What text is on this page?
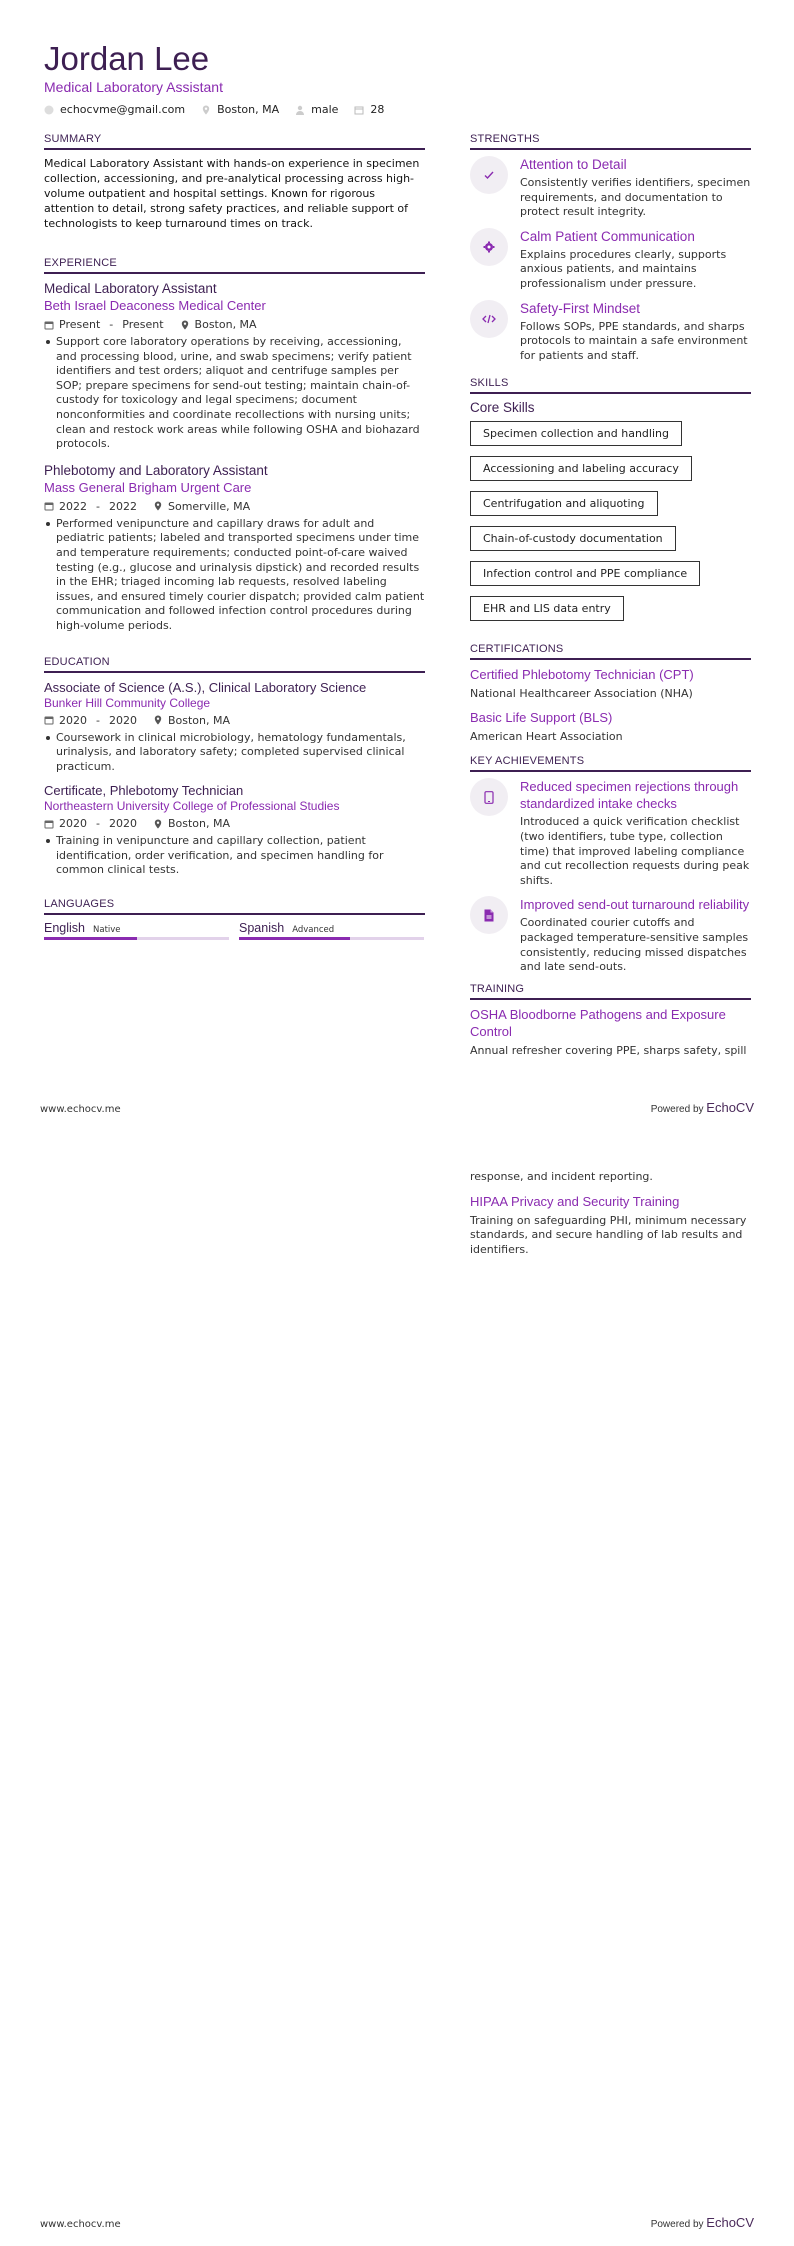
Jordan Lee
Medical Laboratory Assistant
echocvme@gmail.com	Boston, MA	male	28
SUMMARY
Medical Laboratory Assistant with hands-on experience in specimen collection, accessioning, and pre-analytical processing across high-volume outpatient and hospital settings. Known for rigorous attention to detail, strong safety practices, and reliable support of technologists to keep turnaround times on track.
EXPERIENCE
Medical Laboratory Assistant
Beth Israel Deaconess Medical Center
Present - Present	Boston, MA
Support core laboratory operations by receiving, accessioning, and processing blood, urine, and swab specimens; verify patient identifiers and test orders; aliquot and centrifuge samples per SOP; prepare specimens for send-out testing; maintain chain-of-custody for toxicology and legal specimens; document nonconformities and coordinate recollections with nursing units; clean and restock work areas while following OSHA and biohazard protocols.
Phlebotomy and Laboratory Assistant
Mass General Brigham Urgent Care
2022 - 2022	Somerville, MA
Performed venipuncture and capillary draws for adult and pediatric patients; labeled and transported specimens under time and temperature requirements; conducted point-of-care waived testing (e.g., glucose and urinalysis dipstick) and recorded results in the EHR; triaged incoming lab requests, resolved labeling issues, and ensured timely courier dispatch; provided calm patient communication and followed infection control procedures during high-volume periods.
EDUCATION
Associate of Science (A.S.), Clinical Laboratory Science
Bunker Hill Community College
2020 - 2020	Boston, MA
Coursework in clinical microbiology, hematology fundamentals, urinalysis, and laboratory safety; completed supervised clinical practicum.
Certificate, Phlebotomy Technician
Northeastern University College of Professional Studies
2020 - 2020	Boston, MA
Training in venipuncture and capillary collection, patient identification, order verification, and specimen handling for common clinical tests.
LANGUAGES
English Native	Spanish Advanced
STRENGTHS
Attention to Detail
Consistently verifies identifiers, specimen requirements, and documentation to protect result integrity.
Calm Patient Communication
Explains procedures clearly, supports anxious patients, and maintains professionalism under pressure.
Safety-First Mindset
Follows SOPs, PPE standards, and sharps protocols to maintain a safe environment for patients and staff.
SKILLS
Core Skills
Specimen collection and handling
Accessioning and labeling accuracy
Centrifugation and aliquoting
Chain-of-custody documentation
Infection control and PPE compliance
EHR and LIS data entry
CERTIFICATIONS
Certified Phlebotomy Technician (CPT)
National Healthcareer Association (NHA)
Basic Life Support (BLS)
American Heart Association
KEY ACHIEVEMENTS
Reduced specimen rejections through standardized intake checks
Introduced a quick verification checklist (two identifiers, tube type, collection time) that improved labeling compliance and cut recollection requests during peak shifts.
Improved send-out turnaround reliability
Coordinated courier cutoffs and packaged temperature-sensitive samples consistently, reducing missed dispatches and late send-outs.
TRAINING
OSHA Bloodborne Pathogens and Exposure Control
Annual refresher covering PPE, sharps safety, spill
www.echocv.me	Powered by EchoCV
response, and incident reporting.
HIPAA Privacy and Security Training
Training on safeguarding PHI, minimum necessary standards, and secure handling of lab results and identifiers.
www.echocv.me	Powered by EchoCV
